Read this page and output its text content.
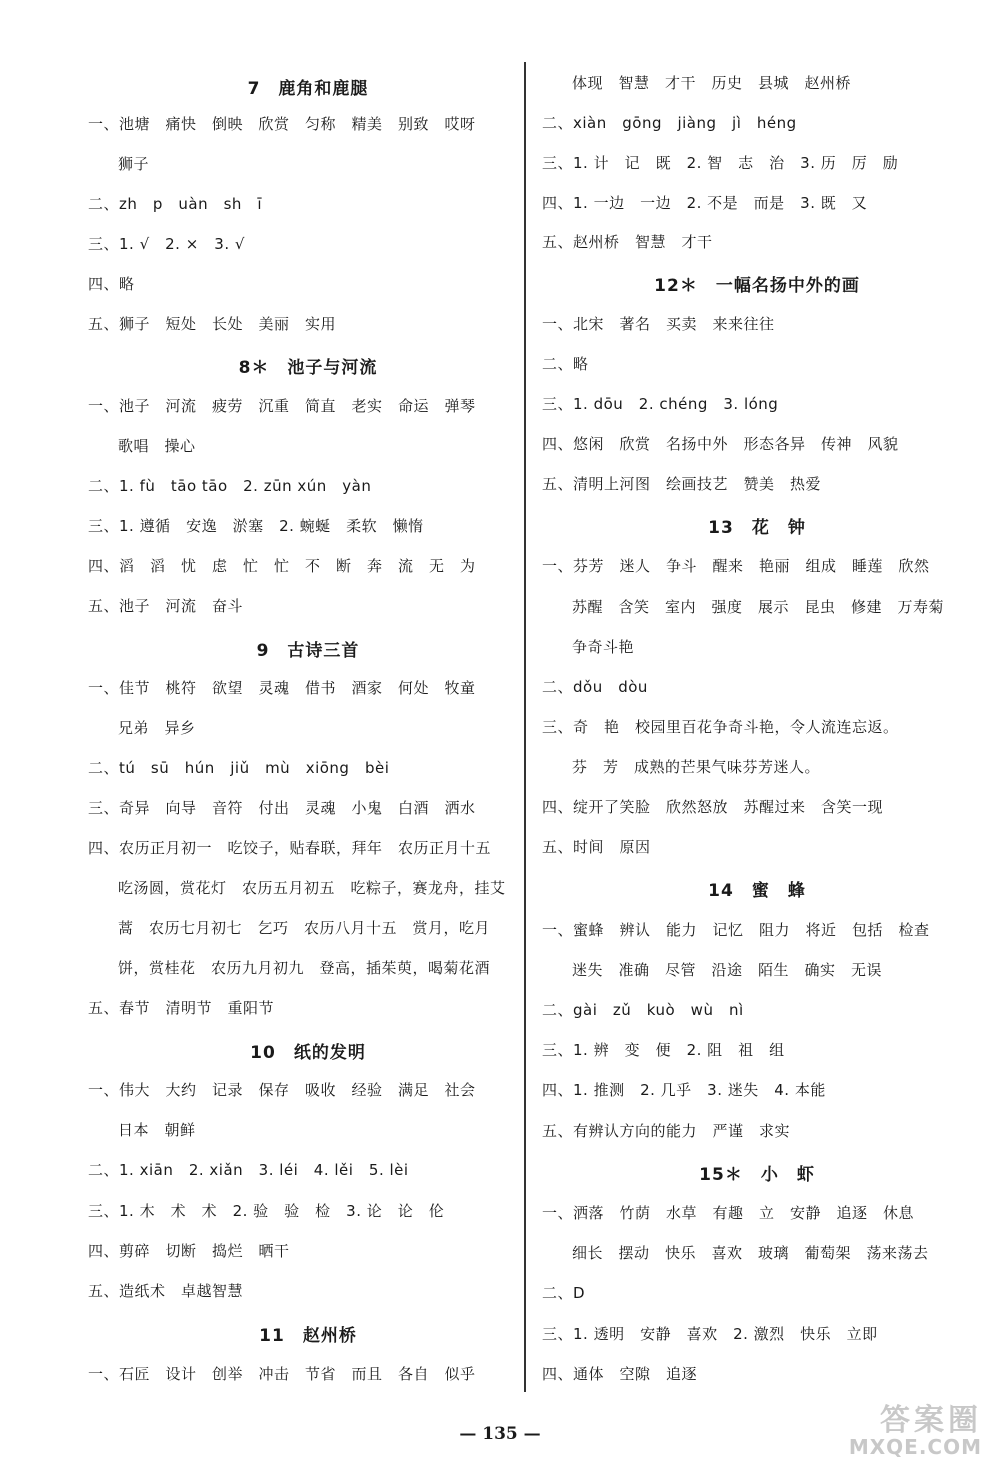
7　鹿角和鹿腿
一、池塘　痛快　倒映　欣赏　匀称　精美　别致　哎呀
狮子
二、zh　p　uàn　sh　ī
三、1. √　2. ×　3. √
四、略
五、狮子　短处　长处　美丽　实用
8＊　池子与河流
一、池子　河流　疲劳　沉重　简直　老实　命运　弹琴
歌唱　操心
二、1. fù　tāo tāo　2. zūn xún　yàn
三、1. 遵循　安逸　淤塞　2. 蜿蜒　柔软　懒惰
四、滔　滔　忧　虑　忙　忙　不　断　奔　流　无　为
五、池子　河流　奋斗
9　古诗三首
一、佳节　桃符　欲望　灵魂　借书　酒家　何处　牧童
兄弟　异乡
二、tú　sū　hún　jiǔ　mù　xiōng　bèi
三、奇异　向导　音符　付出　灵魂　小鬼　白酒　洒水
四、农历正月初一　吃饺子，贴春联，拜年　农历正月十五
吃汤圆，赏花灯　农历五月初五　吃粽子，赛龙舟，挂艾
蒿　农历七月初七　乞巧　农历八月十五　赏月，吃月
饼，赏桂花　农历九月初九　登高，插茱萸，喝菊花酒
五、春节　清明节　重阳节
10　纸的发明
一、伟大　大约　记录　保存　吸收　经验　满足　社会
日本　朝鲜
二、1. xiān　2. xiǎn　3. léi　4. lěi　5. lèi
三、1. 木　术　术　2. 验　验　检　3. 论　论　伦
四、剪碎　切断　捣烂　晒干
五、造纸术　卓越智慧
11　赵州桥
一、石匠　设计　创举　冲击　节省　而且　各自　似乎
体现　智慧　才干　历史　县城　赵州桥
二、xiàn　gōng　jiàng　jì　héng
三、1. 计　记　既　2. 智　志　治　3. 历　厉　励
四、1. 一边　一边　2. 不是　而是　3. 既　又
五、赵州桥　智慧　才干
12＊　一幅名扬中外的画
一、北宋　著名　买卖　来来往往
二、略
三、1. dōu　2. chéng　3. lóng
四、悠闲　欣赏　名扬中外　形态各异　传神　风貌
五、清明上河图　绘画技艺　赞美　热爱
13　花　钟
一、芬芳　迷人　争斗　醒来　艳丽　组成　睡莲　欣然
苏醒　含笑　室内　强度　展示　昆虫　修建　万寿菊
争奇斗艳
二、dǒu　dòu
三、奇　艳　校园里百花争奇斗艳，令人流连忘返。
芬　芳　成熟的芒果气味芬芳迷人。
四、绽开了笑脸　欣然怒放　苏醒过来　含笑一现
五、时间　原因
14　蜜　蜂
一、蜜蜂　辨认　能力　记忆　阻力　将近　包括　检查
迷失　准确　尽管　沿途　陌生　确实　无误
二、gài　zǔ　kuò　wù　nì
三、1. 辨　变　便　2. 阻　祖　组
四、1. 推测　2. 几乎　3. 迷失　4. 本能
五、有辨认方向的能力　严谨　求实
15＊　小　虾
一、洒落　竹荫　水草　有趣　立　安静　追逐　休息
细长　摆动　快乐　喜欢　玻璃　葡萄架　荡来荡去
二、D
三、1. 透明　安静　喜欢　2. 激烈　快乐　立即
四、通体　空隙　追逐
— 135 —	答案圈
MXQE.COM
